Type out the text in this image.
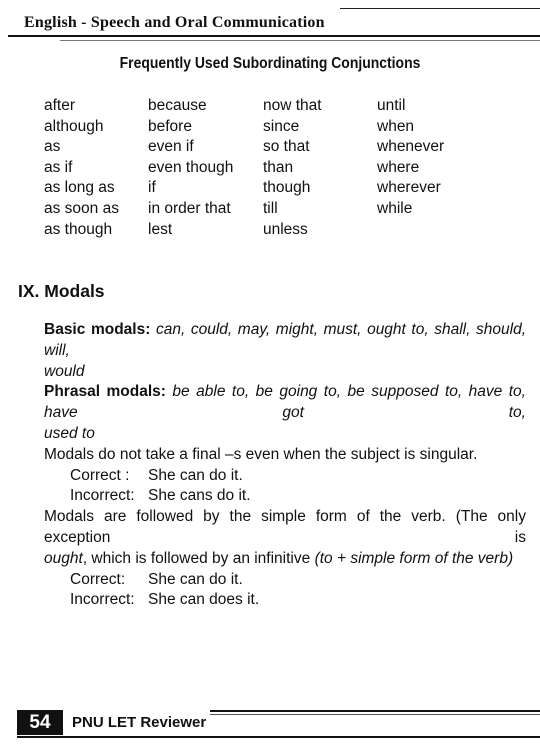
English - Speech and Oral Communication
Frequently Used Subordinating Conjunctions
after
although
as
as if
as long as
as soon as
as though
because
before
even if
even though
if
in order that
lest
now that
since
so that
than
though
till
unless
until
when
whenever
where
wherever
while
IX. Modals

Basic modals: can, could, may, might, must, ought to, shall, should, will,

would

Phrasal modals: be able to, be going to, be supposed to, have to, have got to,

used to

Modals do not take a final –s even when the subject is singular.

Correct : She can do it.
Incorrect: She cans do it.

Modals are followed by the simple form of the verb. (The only exception is

ought, which is followed by an infinitive (to + simple form of the verb)

Correct: She can do it.
Incorrect: She can does it.
54	PNU LET Reviewer
